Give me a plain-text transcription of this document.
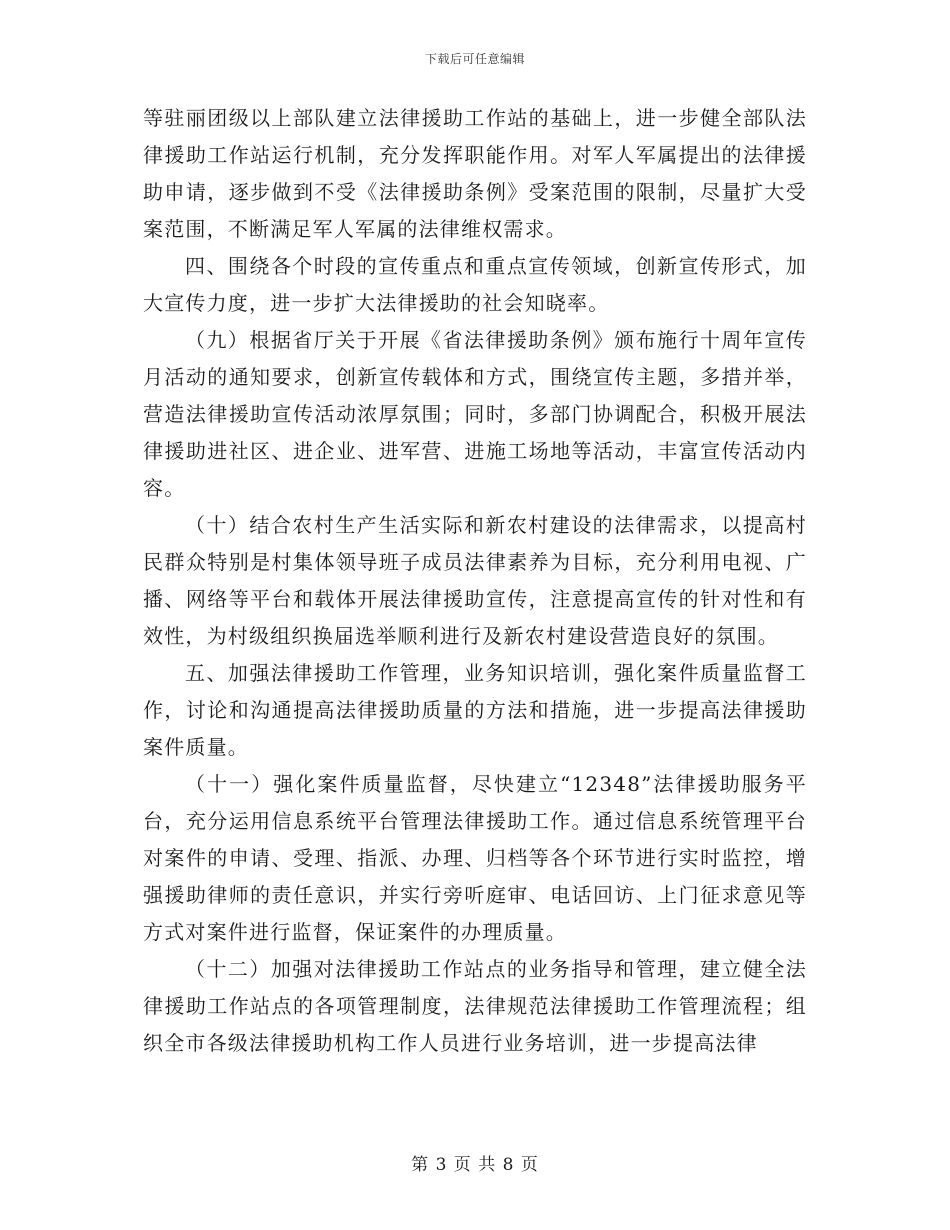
下载后可任意编辑

等驻丽团级以上部队建立法律援助工作站的基础上，进一步健全部队法律援助工作站运行机制，充分发挥职能作用。对军人军属提出的法律援助申请，逐步做到不受《法律援助条例》受案范围的限制，尽量扩大受案范围，不断满足军人军属的法律维权需求。

四、围绕各个时段的宣传重点和重点宣传领域，创新宣传形式，加大宣传力度，进一步扩大法律援助的社会知晓率。

（九）根据省厅关于开展《省法律援助条例》颁布施行十周年宣传月活动的通知要求，创新宣传载体和方式，围绕宣传主题，多措并举，营造法律援助宣传活动浓厚氛围；同时，多部门协调配合，积极开展法律援助进社区、进企业、进军营、进施工场地等活动，丰富宣传活动内容。

（十）结合农村生产生活实际和新农村建设的法律需求，以提高村民群众特别是村集体领导班子成员法律素养为目标，充分利用电视、广播、网络等平台和载体开展法律援助宣传，注意提高宣传的针对性和有效性，为村级组织换届选举顺利进行及新农村建设营造良好的氛围。

五、加强法律援助工作管理，业务知识培训，强化案件质量监督工作，讨论和沟通提高法律援助质量的方法和措施，进一步提高法律援助案件质量。

（十一）强化案件质量监督，尽快建立“12348”法律援助服务平台，充分运用信息系统平台管理法律援助工作。通过信息系统管理平台对案件的申请、受理、指派、办理、归档等各个环节进行实时监控，增强援助律师的责任意识，并实行旁听庭审、电话回访、上门征求意见等方式对案件进行监督，保证案件的办理质量。

（十二）加强对法律援助工作站点的业务指导和管理，建立健全法律援助工作站点的各项管理制度，法律规范法律援助工作管理流程；组织全市各级法律援助机构工作人员进行业务培训，进一步提高法律

第 3 页 共 8 页
